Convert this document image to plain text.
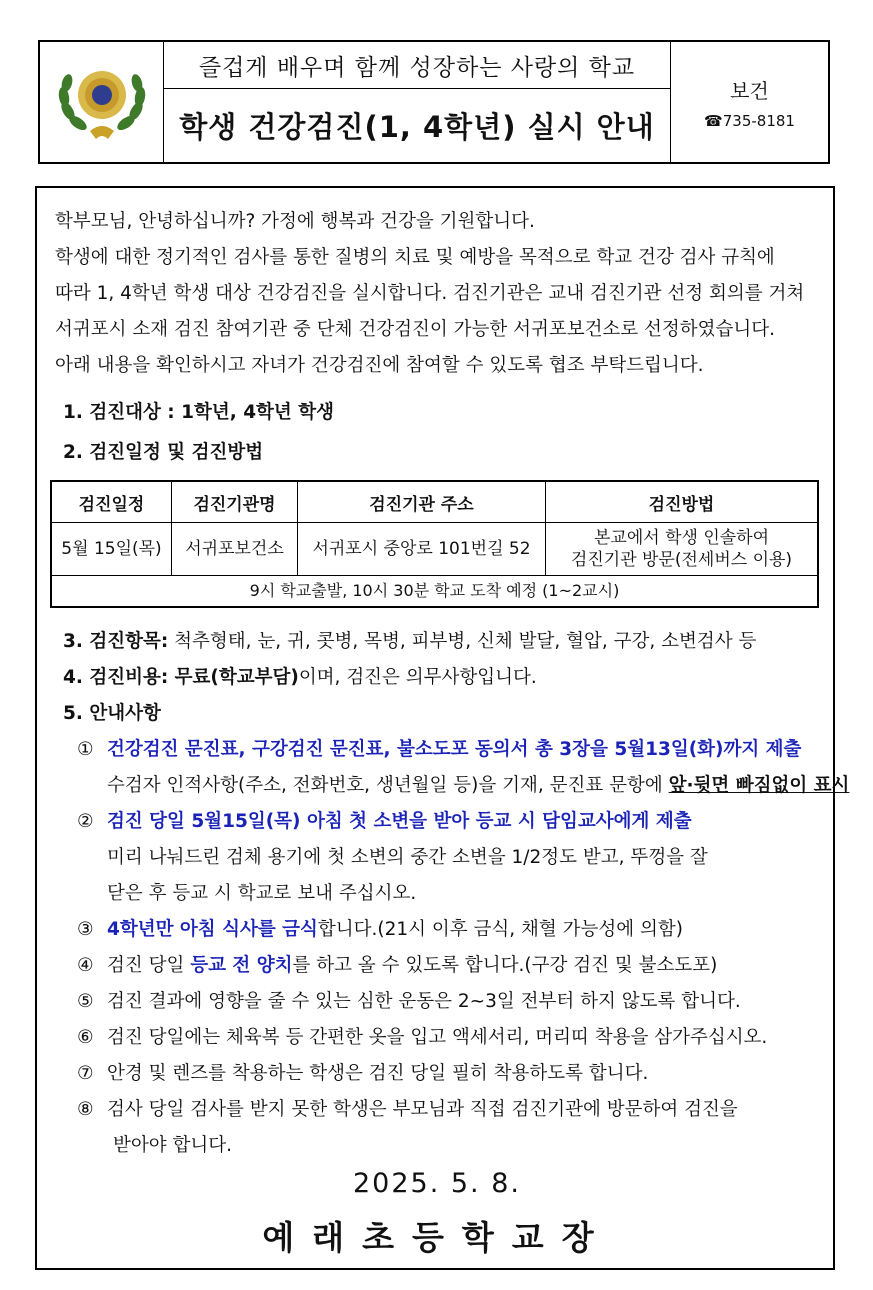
즐겁게 배우며 함께 성장하는 사랑의 학교
학생 건강검진(1, 4학년) 실시 안내
보건
☎735-8181
학부모님, 안녕하십니까? 가정에 행복과 건강을 기원합니다.
학생에 대한 정기적인 검사를 통한 질병의 치료 및 예방을 목적으로 학교 건강 검사 규칙에
따라 1, 4학년 학생 대상 건강검진을 실시합니다. 검진기관은 교내 검진기관 선정 회의를 거쳐
서귀포시 소재 검진 참여기관 중 단체 건강검진이 가능한 서귀포보건소로 선정하였습니다.
아래 내용을 확인하시고 자녀가 건강검진에 참여할 수 있도록 협조 부탁드립니다.
1. 검진대상 : 1학년, 4학년 학생
2. 검진일정 및 검진방법
검진일정	검진기관명	검진기관 주소	검진방법
5월 15일(목)	서귀포보건소	서귀포시 중앙로 101번길 52	본교에서 학생 인솔하여
검진기관 방문(전세버스 이용)

9시 학교출발, 10시 30분 학교 도착 예정 (1~2교시)			
3. 검진항목: 척추형태, 눈, 귀, 콧병, 목병, 피부병, 신체 발달, 혈압, 구강, 소변검사 등
4. 검진비용: 무료(학교부담)이며, 검진은 의무사항입니다.
5. 안내사항
① 건강검진 문진표, 구강검진 문진표, 불소도포 동의서 총 3장을 5월13일(화)까지 제출
수검자 인적사항(주소, 전화번호, 생년월일 등)을 기재, 문진표 문항에 앞·뒷면 빠짐없이 표시
② 검진 당일 5월15일(목) 아침 첫 소변을 받아 등교 시 담임교사에게 제출
미리 나눠드린 검체 용기에 첫 소변의 중간 소변을 1/2정도 받고, 뚜껑을 잘
닫은 후 등교 시 학교로 보내 주십시오.
③ 4학년만 아침 식사를 금식합니다.(21시 이후 금식, 채혈 가능성에 의함)
④ 검진 당일 등교 전 양치를 하고 올 수 있도록 합니다.(구강 검진 및 불소도포)
⑤ 검진 결과에 영향을 줄 수 있는 심한 운동은 2~3일 전부터 하지 않도록 합니다.
⑥ 검진 당일에는 체육복 등 간편한 옷을 입고 액세서리, 머리띠 착용을 삼가주십시오.
⑦ 안경 및 렌즈를 착용하는 학생은 검진 당일 필히 착용하도록 합니다.
⑧ 검사 당일 검사를 받지 못한 학생은 부모님과 직접 검진기관에 방문하여 검진을
받아야 합니다.
2025. 5. 8.
예래초등학교장
